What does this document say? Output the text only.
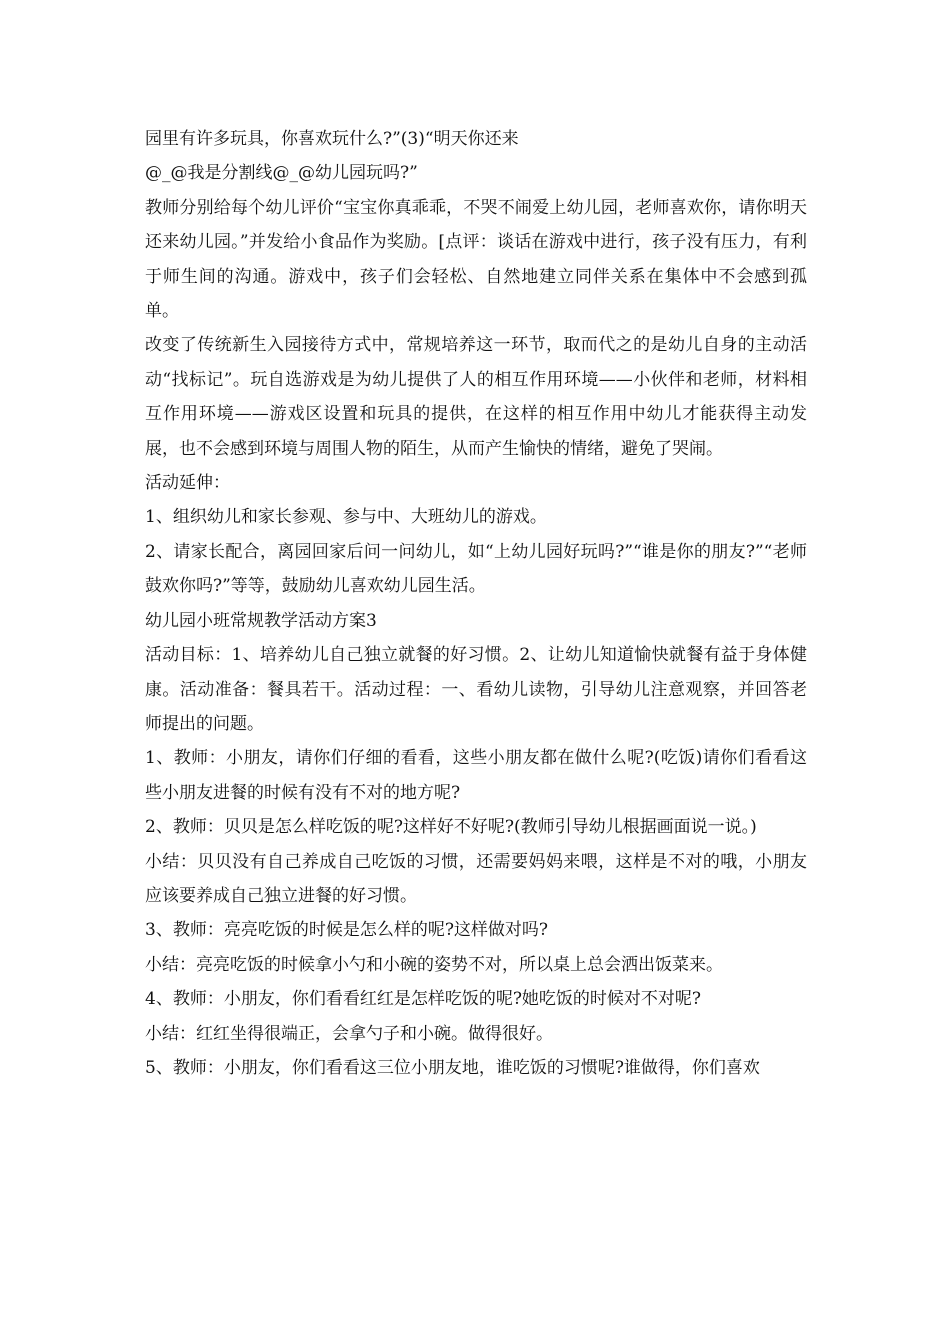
园里有许多玩具，你喜欢玩什么?”(3)“明天你还来

@_@我是分割线@_@幼儿园玩吗?”

教师分别给每个幼儿评价“宝宝你真乖乖，不哭不闹爱上幼儿园，老师喜欢你，请你明天还来幼儿园。”并发给小食品作为奖励。[点评：谈话在游戏中进行，孩子没有压力，有利于师生间的沟通。游戏中，孩子们会轻松、自然地建立同伴关系在集体中不会感到孤单。

改变了传统新生入园接待方式中，常规培养这一环节，取而代之的是幼儿自身的主动活动“找标记”。玩自选游戏是为幼儿提供了人的相互作用环境——小伙伴和老师，材料相互作用环境——游戏区设置和玩具的提供，在这样的相互作用中幼儿才能获得主动发展，也不会感到环境与周围人物的陌生，从而产生愉快的情绪，避免了哭闹。

活动延伸：

1、组织幼儿和家长参观、参与中、大班幼儿的游戏。

2、请家长配合，离园回家后问一问幼儿，如“上幼儿园好玩吗?”“谁是你的朋友?”“老师鼓欢你吗?”等等，鼓励幼儿喜欢幼儿园生活。

幼儿园小班常规教学活动方案3

活动目标：1、培养幼儿自己独立就餐的好习惯。2、让幼儿知道愉快就餐有益于身体健康。活动准备：餐具若干。活动过程：一、看幼儿读物，引导幼儿注意观察，并回答老师提出的问题。

1、教师：小朋友，请你们仔细的看看，这些小朋友都在做什么呢?(吃饭)请你们看看这些小朋友进餐的时候有没有不对的地方呢?

2、教师：贝贝是怎么样吃饭的呢?这样好不好呢?(教师引导幼儿根据画面说一说。)

小结：贝贝没有自己养成自己吃饭的习惯，还需要妈妈来喂，这样是不对的哦，小朋友应该要养成自己独立进餐的好习惯。

3、教师：亮亮吃饭的时候是怎么样的呢?这样做对吗?

小结：亮亮吃饭的时候拿小勺和小碗的姿势不对，所以桌上总会洒出饭菜来。

4、教师：小朋友，你们看看红红是怎样吃饭的呢?她吃饭的时候对不对呢?

小结：红红坐得很端正，会拿勺子和小碗。做得很好。

5、教师：小朋友，你们看看这三位小朋友地，谁吃饭的习惯呢?谁做得，你们喜欢
